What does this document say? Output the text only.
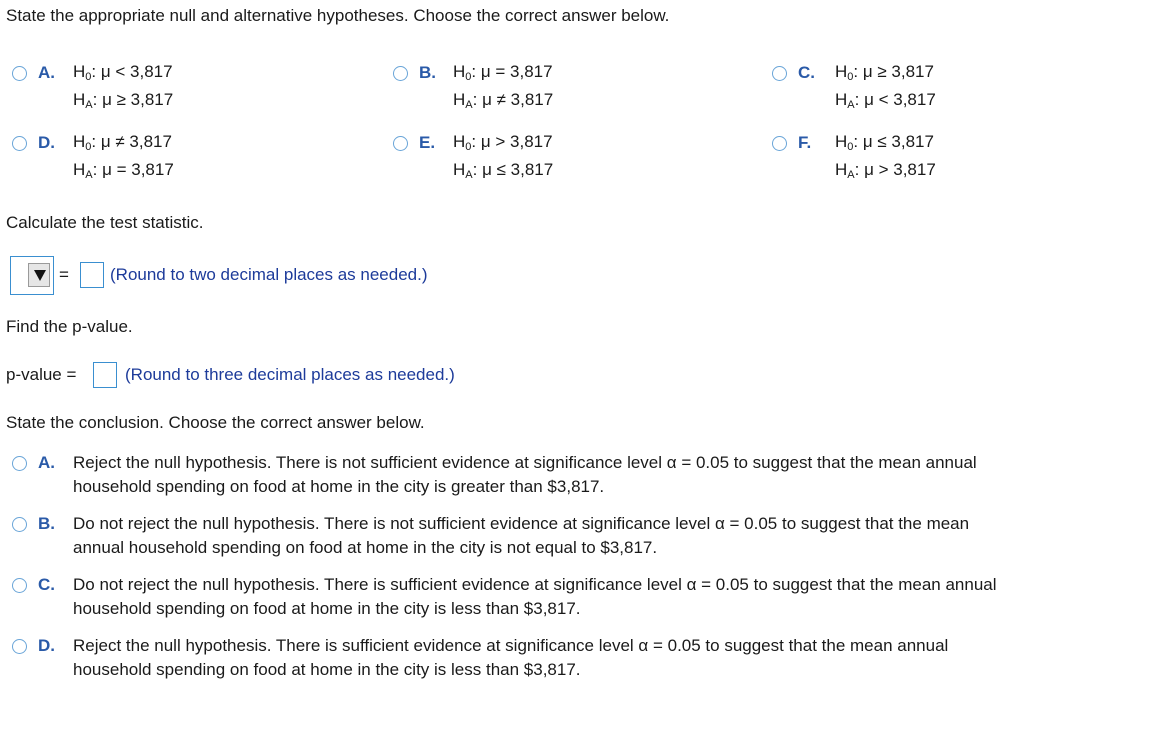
State the appropriate null and alternative hypotheses. Choose the correct answer below.
A. $H_0$: μ < 3,817
$H_A$: μ ≥ 3,817
B. $H_0$: μ = 3,817
$H_A$: μ ≠ 3,817
C. $H_0$: μ ≥ 3,817
$H_A$: μ < 3,817
D. $H_0$: μ ≠ 3,817
$H_A$: μ = 3,817
E. $H_0$: μ > 3,817
$H_A$: μ ≤ 3,817
F. $H_0$: μ ≤ 3,817
$H_A$: μ > 3,817
Calculate the test statistic.
= (Round to two decimal places as needed.)
Find the p-value.
p-value =	(Round to three decimal places as needed.)
State the conclusion. Choose the correct answer below.
A. Reject the null hypothesis. There is not sufficient evidence at significance level α = 0.05 to suggest that the mean annual
household spending on food at home in the city is greater than $3,817.
B. Do not reject the null hypothesis. There is not sufficient evidence at significance level α = 0.05 to suggest that the mean
annual household spending on food at home in the city is not equal to $3,817.
C. Do not reject the null hypothesis. There is sufficient evidence at significance level α = 0.05 to suggest that the mean annual
household spending on food at home in the city is less than $3,817.
D. Reject the null hypothesis. There is sufficient evidence at significance level α = 0.05 to suggest that the mean annual
household spending on food at home in the city is less than $3,817.
